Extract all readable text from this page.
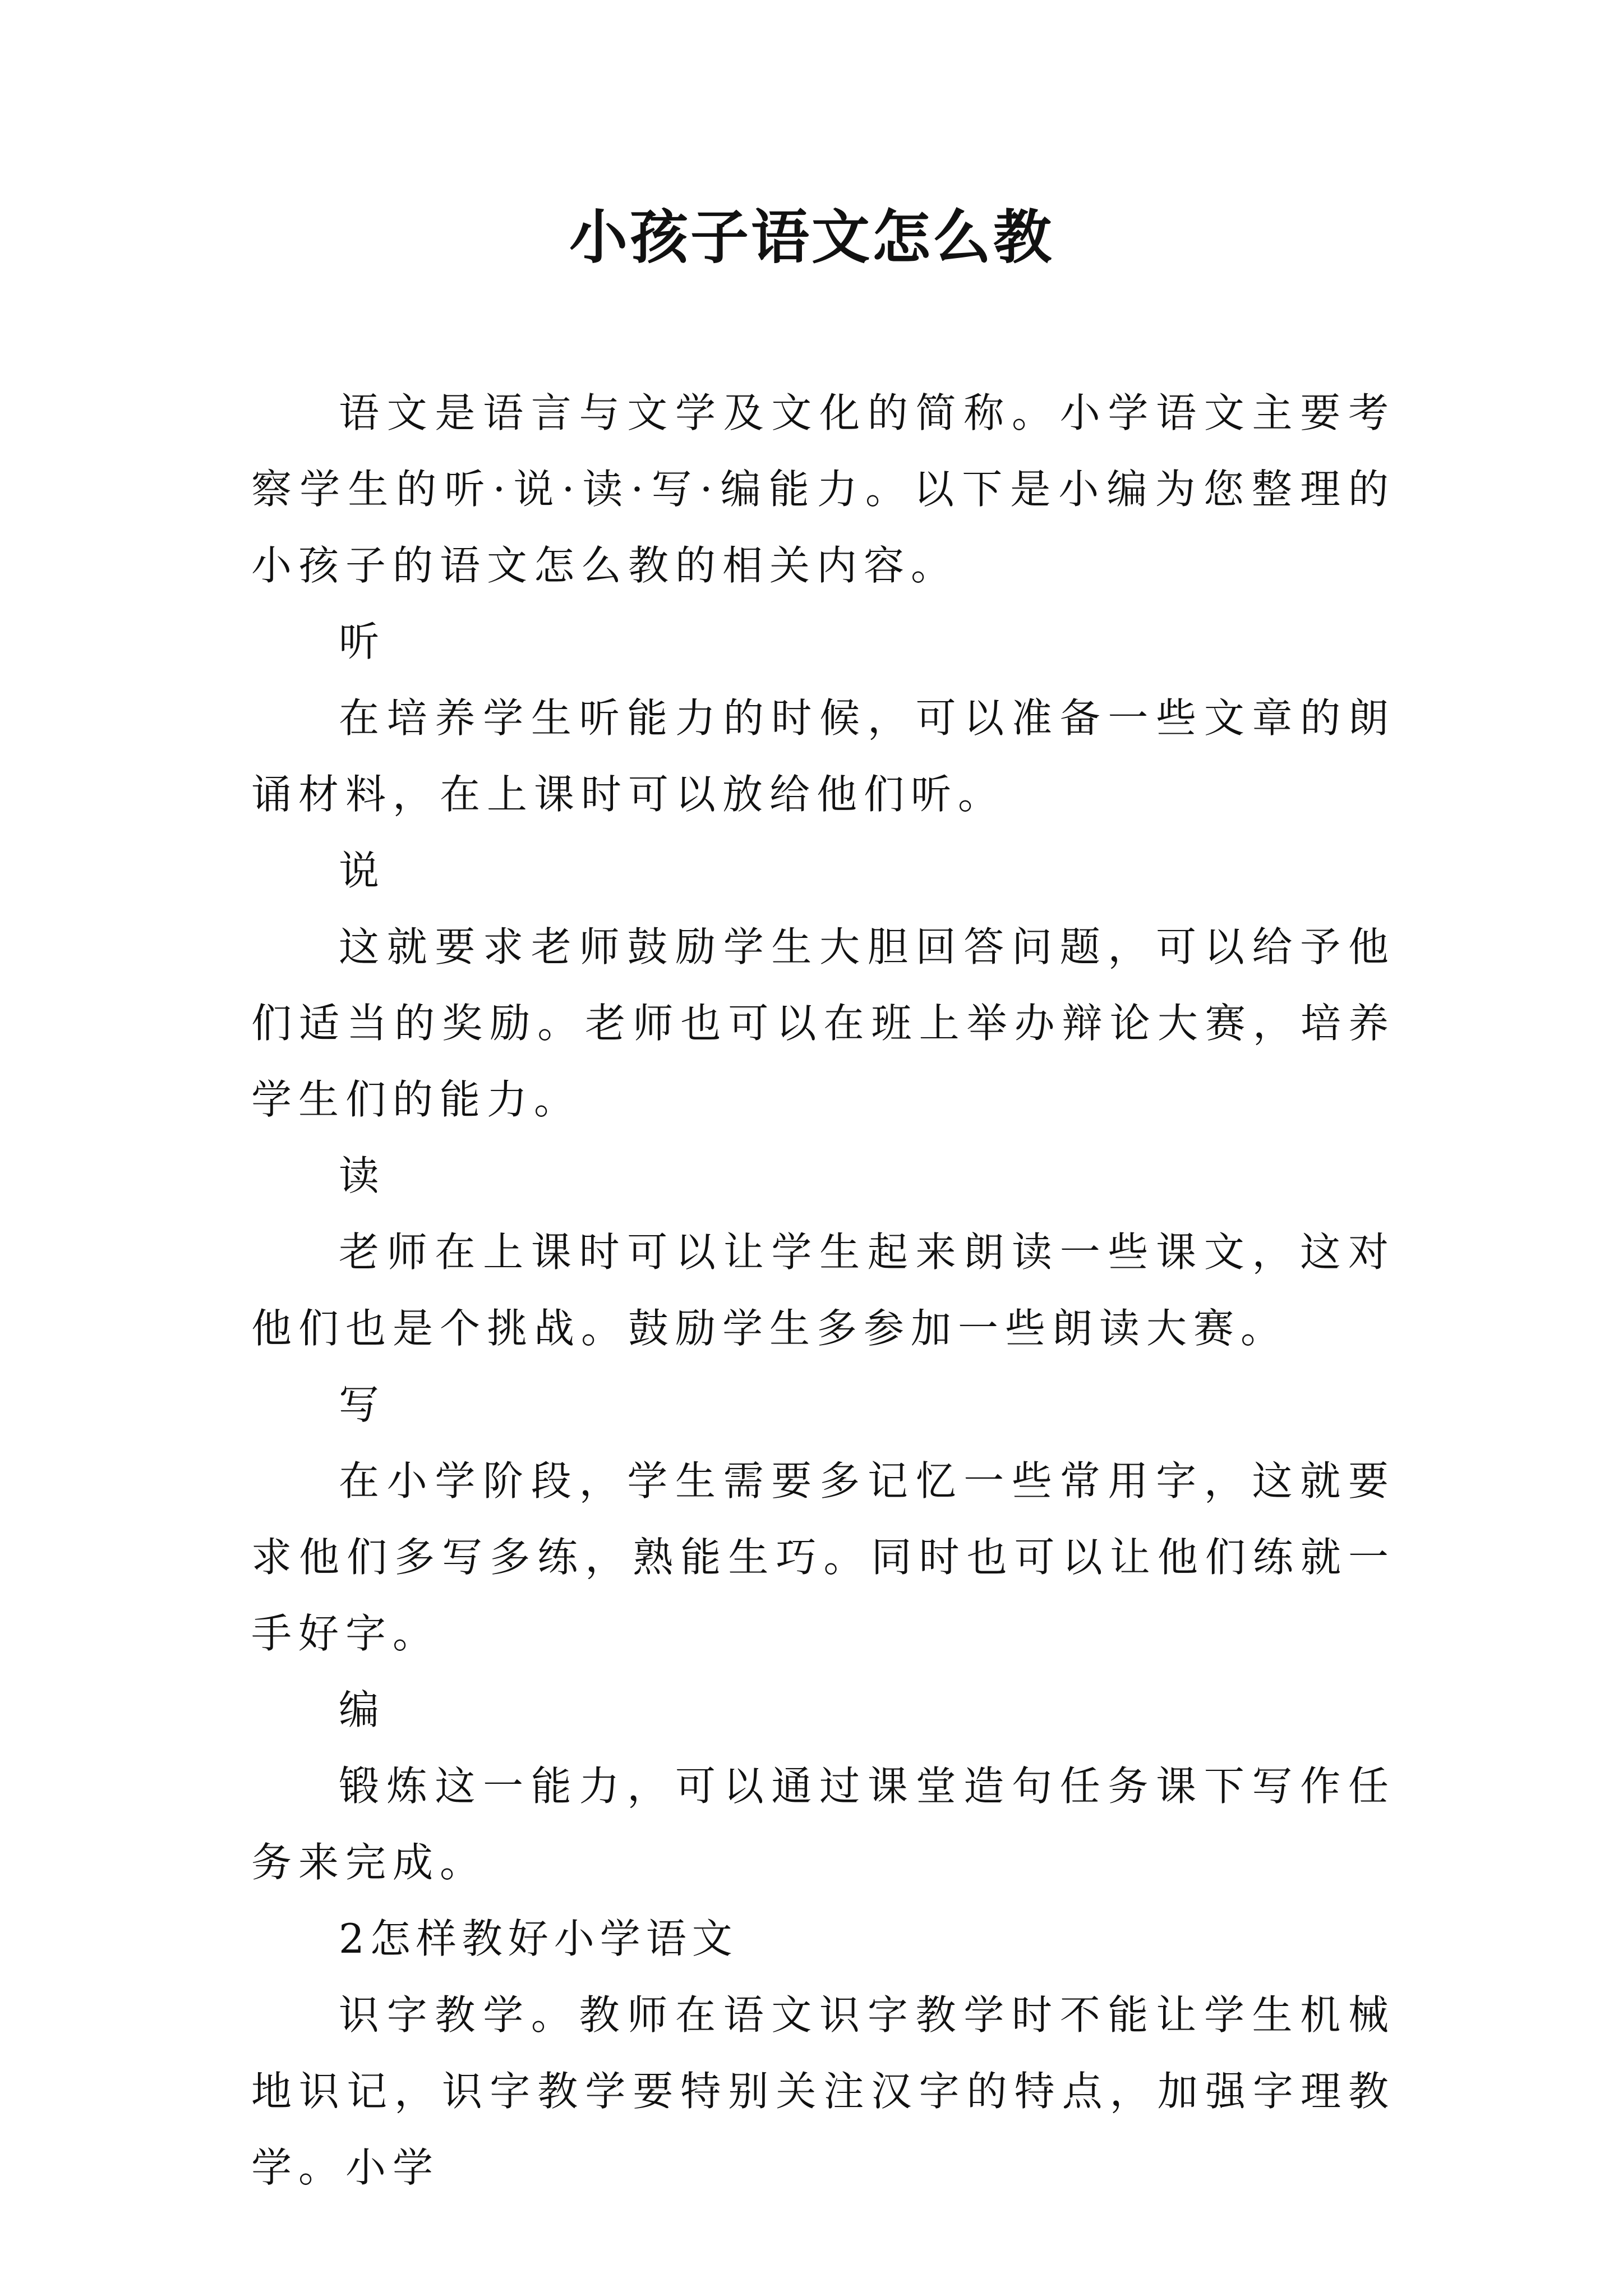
小孩子语文怎么教

语文是语言与文学及文化的简称。小学语文主要考察学生的听·说·读·写·编能力。以下是小编为您整理的小孩子的语文怎么教的相关内容。

听

在培养学生听能力的时候，可以准备一些文章的朗诵材料，在上课时可以放给他们听。

说

这就要求老师鼓励学生大胆回答问题，可以给予他们适当的奖励。老师也可以在班上举办辩论大赛，培养学生们的能力。

读

老师在上课时可以让学生起来朗读一些课文，这对他们也是个挑战。鼓励学生多参加一些朗读大赛。

写

在小学阶段，学生需要多记忆一些常用字，这就要求他们多写多练，熟能生巧。同时也可以让他们练就一手好字。

编

锻炼这一能力，可以通过课堂造句任务课下写作任务来完成。

2怎样教好小学语文

识字教学。教师在语文识字教学时不能让学生机械地识记，识字教学要特别关注汉字的特点，加强字理教学。小学
